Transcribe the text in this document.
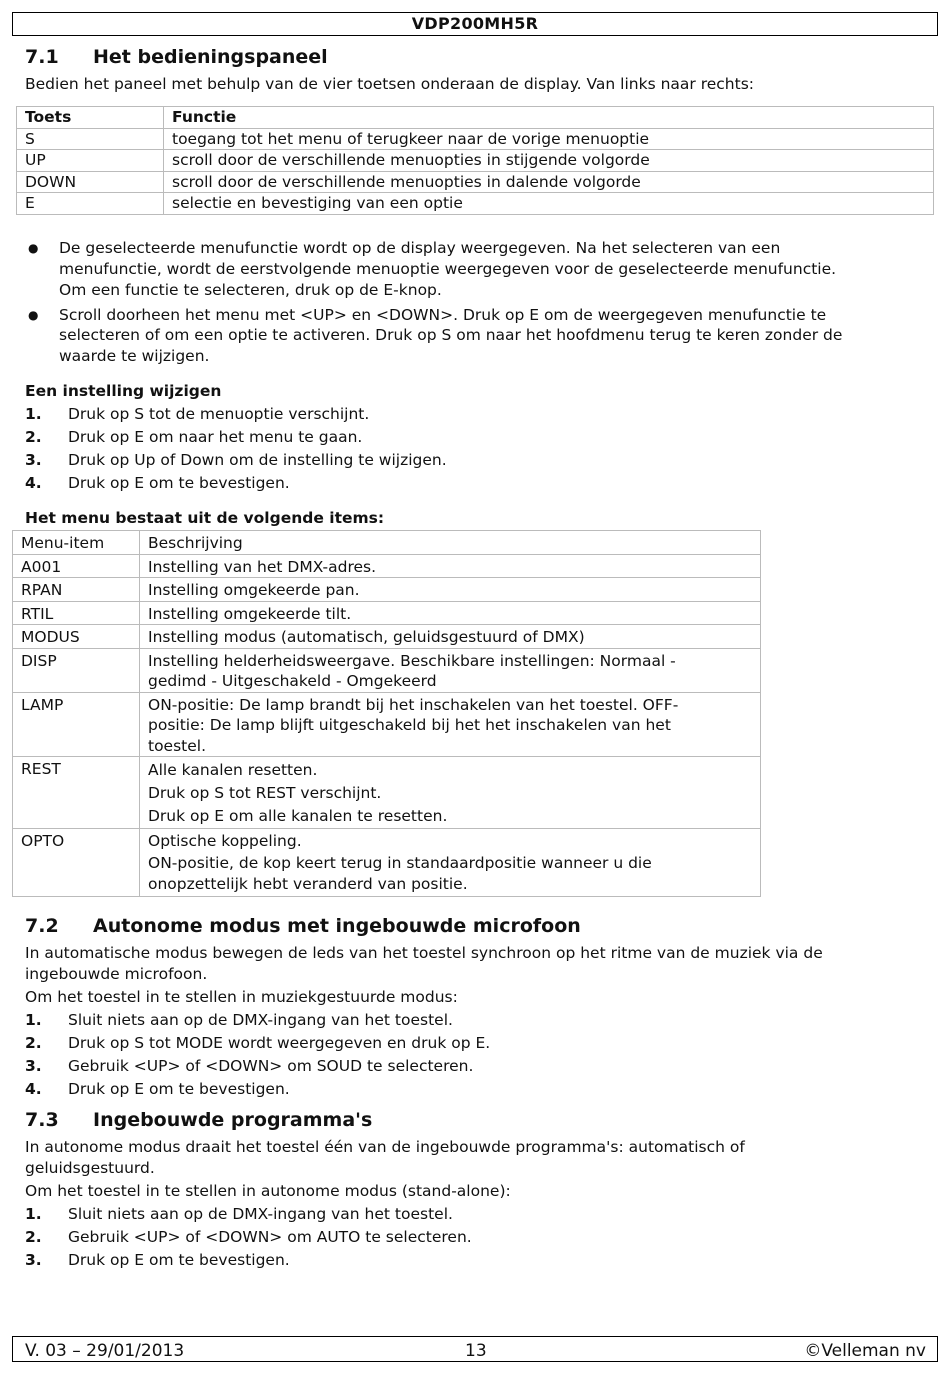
VDP200MH5R
7.1 Het bedieningspaneel
Bedien het paneel met behulp van de vier toetsen onderaan de display. Van links naar rechts:
Toets	Functie
S	toegang tot het menu of terugkeer naar de vorige menuoptie
UP	scroll door de verschillende menuopties in stijgende volgorde
DOWN	scroll door de verschillende menuopties in dalende volgorde
E	selectie en bevestiging van een optie
● De geselecteerde menufunctie wordt op de display weergegeven. Na het selecteren van een
menufunctie, wordt de eerstvolgende menuoptie weergegeven voor de geselecteerde menufunctie.
Om een functie te selecteren, druk op de E-knop.
● Scroll doorheen het menu met <UP> en <DOWN>. Druk op E om de weergegeven menufunctie te
selecteren of om een optie te activeren. Druk op S om naar het hoofdmenu terug te keren zonder de
waarde te wijzigen.
Een instelling wijzigen
1. Druk op S tot de menuoptie verschijnt.
2. Druk op E om naar het menu te gaan.
3. Druk op Up of Down om de instelling te wijzigen.
4. Druk op E om te bevestigen.
Het menu bestaat uit de volgende items:
Menu-item	Beschrijving
A001	Instelling van het DMX-adres.

RPAN	Instelling omgekeerde pan.

RTIL	Instelling omgekeerde tilt.

MODUS	Instelling modus (automatisch, geluidsgestuurd of DMX)

DISP	Instelling helderheidsweergave. Beschikbare instellingen: Normaal -
gedimd - Uitgeschakeld - Omgekeerd

LAMP	ON-positie: De lamp brandt bij het inschakelen van het toestel. OFF-
positie: De lamp blijft uitgeschakeld bij het het inschakelen van het
toestel.

REST	Alle kanalen resetten.
Druk op S tot REST verschijnt.
Druk op E om alle kanalen te resetten.

OPTO	Optische koppeling.
ON-positie, de kop keert terug in standaardpositie wanneer u die
onopzettelijk hebt veranderd van positie.
7.2 Autonome modus met ingebouwde microfoon
In automatische modus bewegen de leds van het toestel synchroon op het ritme van de muziek via de
ingebouwde microfoon.
Om het toestel in te stellen in muziekgestuurde modus:
1. Sluit niets aan op de DMX-ingang van het toestel.
2. Druk op S tot MODE wordt weergegeven en druk op E.
3. Gebruik <UP> of <DOWN> om SOUD te selecteren.
4. Druk op E om te bevestigen.
7.3 Ingebouwde programma's
In autonome modus draait het toestel één van de ingebouwde programma's: automatisch of
geluidsgestuurd.
Om het toestel in te stellen in autonome modus (stand-alone):
1. Sluit niets aan op de DMX-ingang van het toestel.
2. Gebruik <UP> of <DOWN> om AUTO te selecteren.
3. Druk op E om te bevestigen.
V. 03 – 29/01/2013	13	©Velleman nv
